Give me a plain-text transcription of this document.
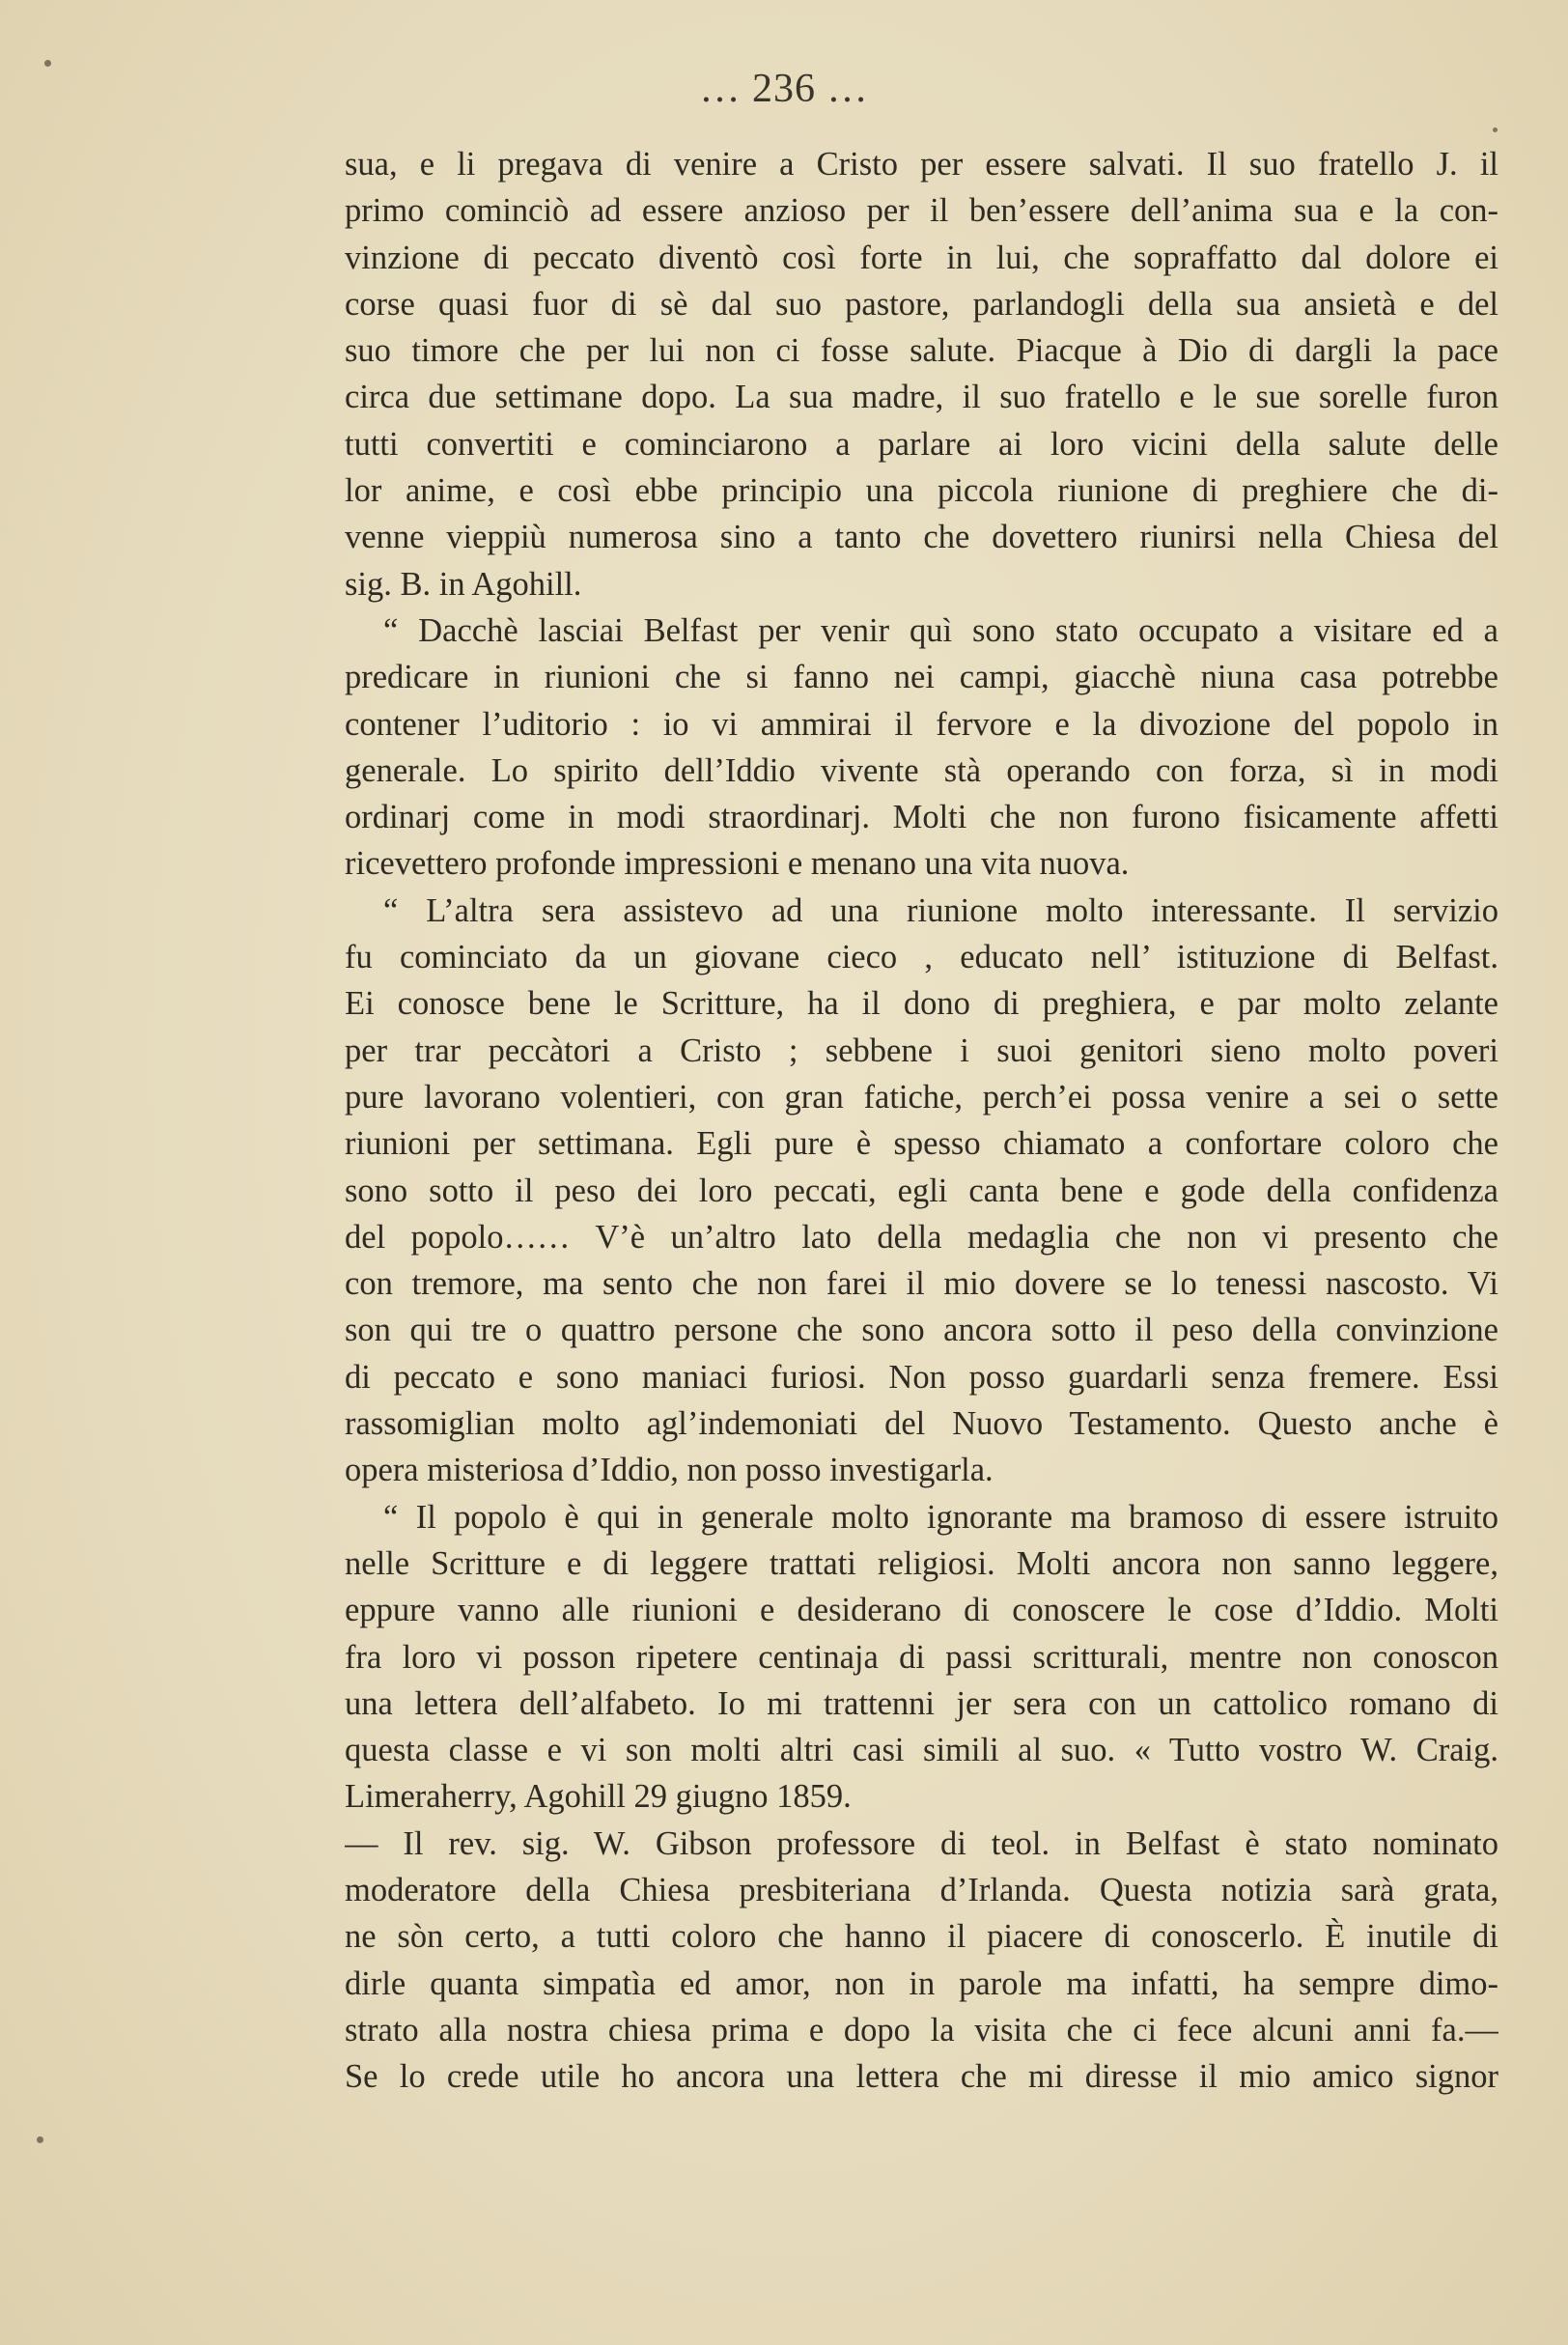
… 236 …
sua, e li pregava di venire a Cristo per essere salvati. Il suo fratello J. il
primo cominciò ad essere anzioso per il ben’essere dell’anima sua e la con-
vinzione di peccato diventò così forte in lui, che sopraffatto dal dolore ei
corse quasi fuor di sè dal suo pastore, parlandogli della sua ansietà e del
suo timore che per lui non ci fosse salute. Piacque à Dio di dargli la pace
circa due settimane dopo. La sua madre, il suo fratello e le sue sorelle furon
tutti convertiti e cominciarono a parlare ai loro vicini della salute delle
lor anime, e così ebbe principio una piccola riunione di preghiere che di-
venne vieppiù numerosa sino a tanto che dovettero riunirsi nella Chiesa del
sig. B. in Agohill.
“ Dacchè lasciai Belfast per venir quì sono stato occupato a visitare ed a
predicare in riunioni che si fanno nei campi, giacchè niuna casa potrebbe
contener l’uditorio : io vi ammirai il fervore e la divozione del popolo in
generale. Lo spirito dell’Iddio vivente stà operando con forza, sì in modi
ordinarj come in modi straordinarj. Molti che non furono fisicamente affetti
ricevettero profonde impressioni e menano una vita nuova.
“ L’altra sera assistevo ad una riunione molto interessante. Il servizio
fu cominciato da un giovane cieco , educato nell’ istituzione di Belfast.
Ei conosce bene le Scritture, ha il dono di preghiera, e par molto zelante
per trar peccàtori a Cristo ; sebbene i suoi genitori sieno molto poveri
pure lavorano volentieri, con gran fatiche, perch’ei possa venire a sei o sette
riunioni per settimana. Egli pure è spesso chiamato a confortare coloro che
sono sotto il peso dei loro peccati, egli canta bene e gode della confidenza
del popolo…… V’è un’altro lato della medaglia che non vi presento che
con tremore, ma sento che non farei il mio dovere se lo tenessi nascosto. Vi
son qui tre o quattro persone che sono ancora sotto il peso della convinzione
di peccato e sono maniaci furiosi. Non posso guardarli senza fremere. Essi
rassomiglian molto agl’indemoniati del Nuovo Testamento. Questo anche è
opera misteriosa d’Iddio, non posso investigarla.
“ Il popolo è qui in generale molto ignorante ma bramoso di essere istruito
nelle Scritture e di leggere trattati religiosi. Molti ancora non sanno leggere,
eppure vanno alle riunioni e desiderano di conoscere le cose d’Iddio. Molti
fra loro vi posson ripetere centinaja di passi scritturali, mentre non conoscon
una lettera dell’alfabeto. Io mi trattenni jer sera con un cattolico romano di
questa classe e vi son molti altri casi simili al suo. « Tutto vostro W. Craig.
Limeraherry, Agohill 29 giugno 1859.
— Il rev. sig. W. Gibson professore di teol. in Belfast è stato nominato
moderatore della Chiesa presbiteriana d’Irlanda. Questa notizia sarà grata,
ne sòn certo, a tutti coloro che hanno il piacere di conoscerlo. È inutile di
dirle quanta simpatìa ed amor, non in parole ma infatti, ha sempre dimo-
strato alla nostra chiesa prima e dopo la visita che ci fece alcuni anni fa.—
Se lo crede utile ho ancora una lettera che mi diresse il mio amico signor
